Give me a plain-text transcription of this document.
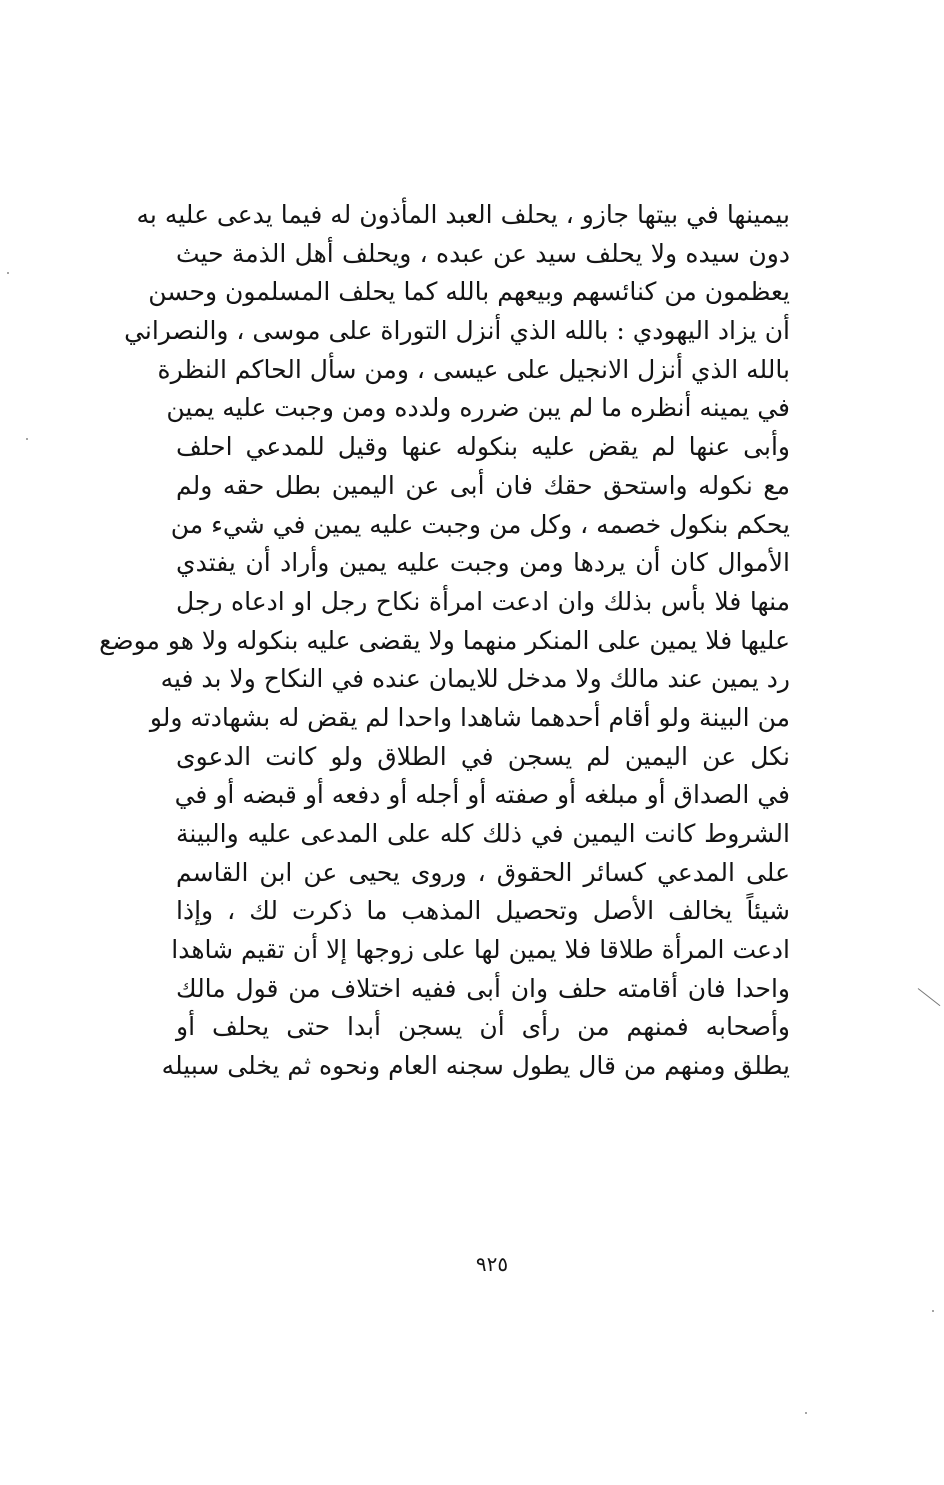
بيمينها في بيتها جازو ، يحلف العبد المأذون له فيما يدعى عليه به
دون سيده ولا يحلف سيد عن عبده ، ويحلف أهل الذمة حيث
يعظمون من كنائسهم وبيعهم بالله كما يحلف المسلمون وحسن
أن يزاد اليهودي : بالله الذي أنزل التوراة على موسى ، والنصراني
بالله الذي أنزل الانجيل على عيسى ، ومن سأل الحاكم النظرة
في يمينه أنظره ما لم يبن ضرره ولدده ومن وجبت عليه يمين
وأبى عنها لم يقض عليه بنكوله عنها وقيل للمدعي احلف
مع نكوله واستحق حقك فان أبى عن اليمين بطل حقه ولم
يحكم بنكول خصمه ، وكل من وجبت عليه يمين في شيء من
الأموال كان أن يردها ومن وجبت عليه يمين وأراد أن يفتدي
منها فلا بأس بذلك وان ادعت امرأة نكاح رجل او ادعاه رجل
عليها فلا يمين على المنكر منهما ولا يقضى عليه بنكوله ولا هو موضع
رد يمين عند مالك ولا مدخل للايمان عنده في النكاح ولا بد فيه
من البينة ولو أقام أحدهما شاهدا واحدا لم يقض له بشهادته ولو
نكل عن اليمين لم يسجن في الطلاق ولو كانت الدعوى
في الصداق أو مبلغه أو صفته أو أجله أو دفعه أو قبضه أو في
الشروط كانت اليمين في ذلك كله على المدعى عليه والبينة
على المدعي كسائر الحقوق ، وروى يحيى عن ابن القاسم
شيئاً يخالف الأصل وتحصيل المذهب ما ذكرت لك ، وإذا
ادعت المرأة طلاقا فلا يمين لها على زوجها إلا أن تقيم شاهدا
واحدا فان أقامته حلف وان أبى ففيه اختلاف من قول مالك
وأصحابه فمنهم من رأى أن يسجن أبدا حتى يحلف أو
يطلق ومنهم من قال يطول سجنه العام ونحوه ثم يخلى سبيله
٩٢٥
